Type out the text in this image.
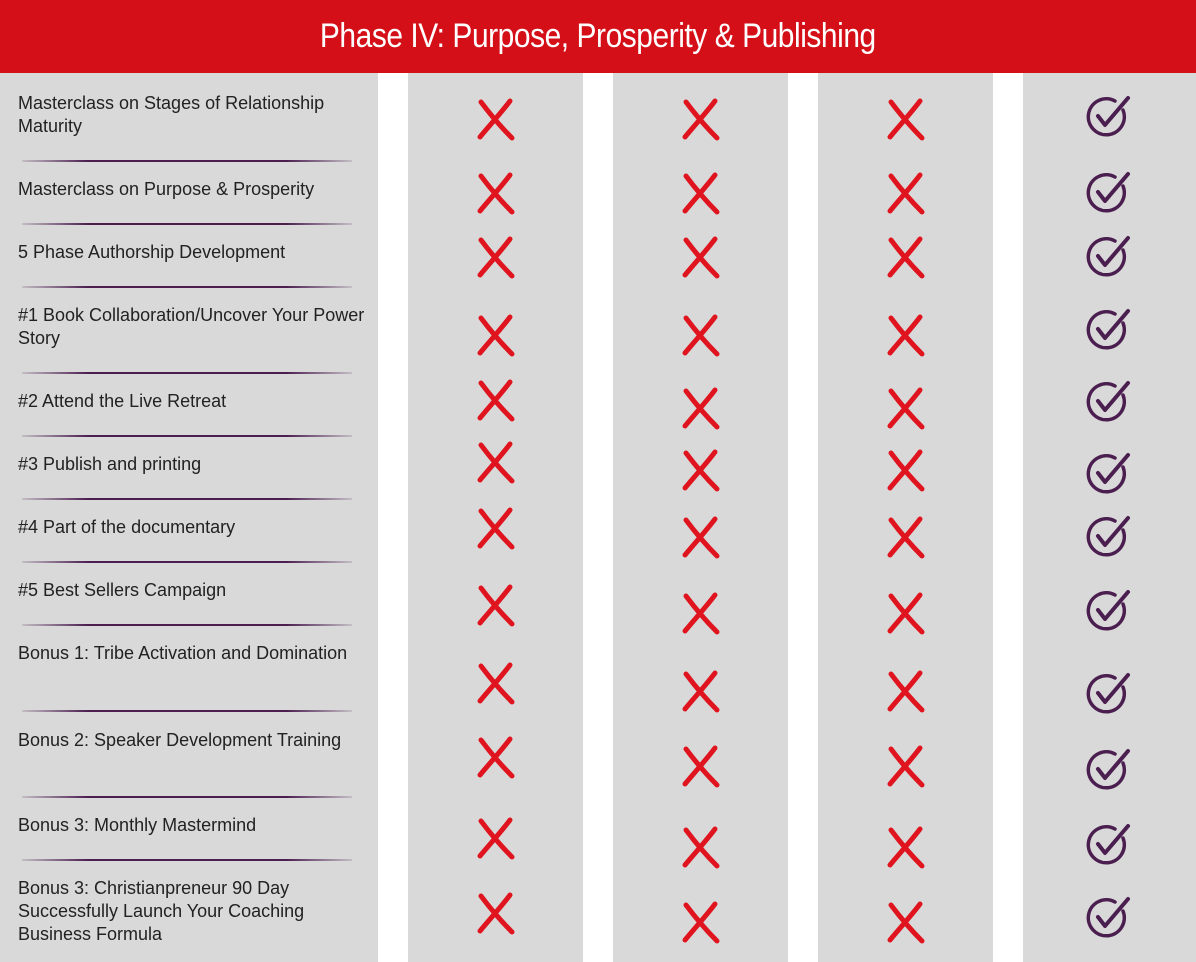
Phase IV: Purpose, Prosperity & Publishing
Masterclass on Stages of Relationship Maturity
Masterclass on Purpose & Prosperity
5 Phase Authorship Development
#1 Book Collaboration/Uncover Your Power Story
#2 Attend the Live Retreat
#3 Publish and printing
#4 Part of the documentary
#5 Best Sellers Campaign
Bonus 1: Tribe Activation and Domination
Bonus 2: Speaker Development Training
Bonus 3: Monthly Mastermind
Bonus 3: Christianpreneur 90 Day Successfully Launch Your Coaching Business Formula
